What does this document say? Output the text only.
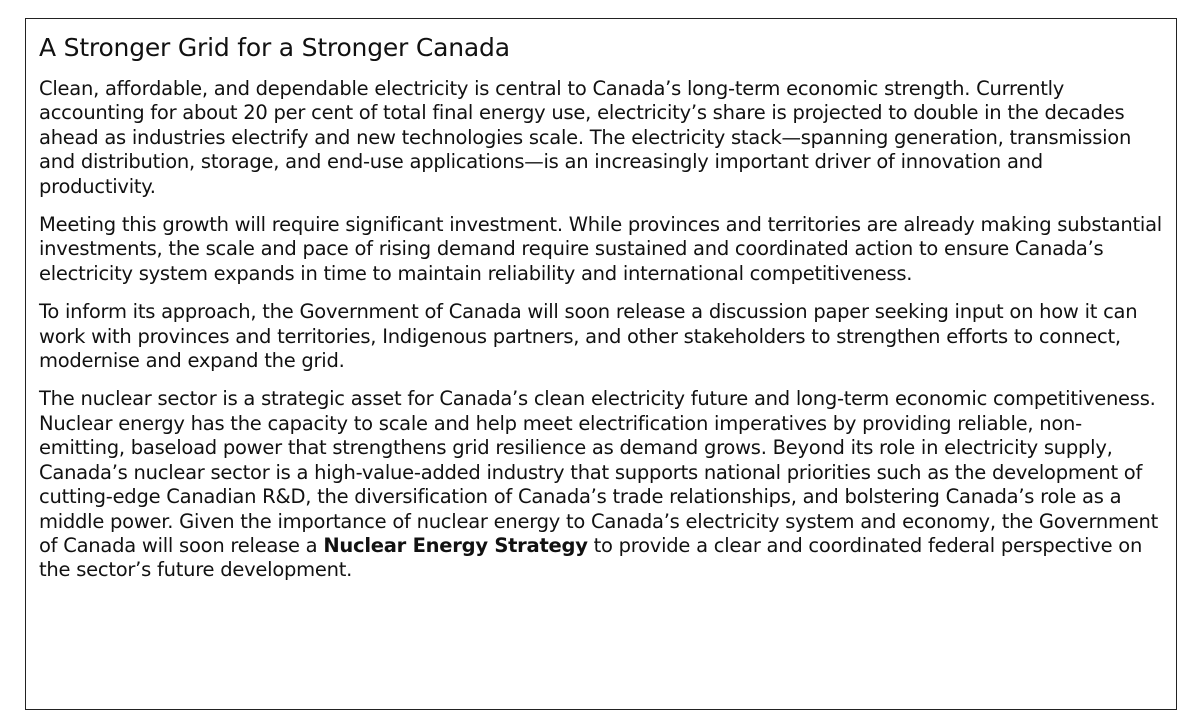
A Stronger Grid for a Stronger Canada

Clean, affordable, and dependable electricity is central to Canada’s long-term economic strength. Currently accounting for about 20 per cent of total final energy use, electricity’s share is projected to double in the decades ahead as industries electrify and new technologies scale. The electricity stack—spanning generation, transmission and distribution, storage, and end-use applications—is an increasingly important driver of innovation and productivity.

Meeting this growth will require significant investment. While provinces and territories are already making substantial investments, the scale and pace of rising demand require sustained and coordinated action to ensure Canada’s electricity system expands in time to maintain reliability and international competitiveness.

To inform its approach, the Government of Canada will soon release a discussion paper seeking input on how it can work with provinces and territories, Indigenous partners, and other stakeholders to strengthen efforts to connect, modernise and expand the grid.

The nuclear sector is a strategic asset for Canada’s clean electricity future and long-term economic competitiveness. Nuclear energy has the capacity to scale and help meet electrification imperatives by providing reliable, non-emitting, baseload power that strengthens grid resilience as demand grows. Beyond its role in electricity supply, Canada’s nuclear sector is a high-value-added industry that supports national priorities such as the development of cutting-edge Canadian R&D, the diversification of Canada’s trade relationships, and bolstering Canada’s role as a middle power. Given the importance of nuclear energy to Canada’s electricity system and economy, the Government of Canada will soon release a Nuclear Energy Strategy to provide a clear and coordinated federal perspective on the sector’s future development.
